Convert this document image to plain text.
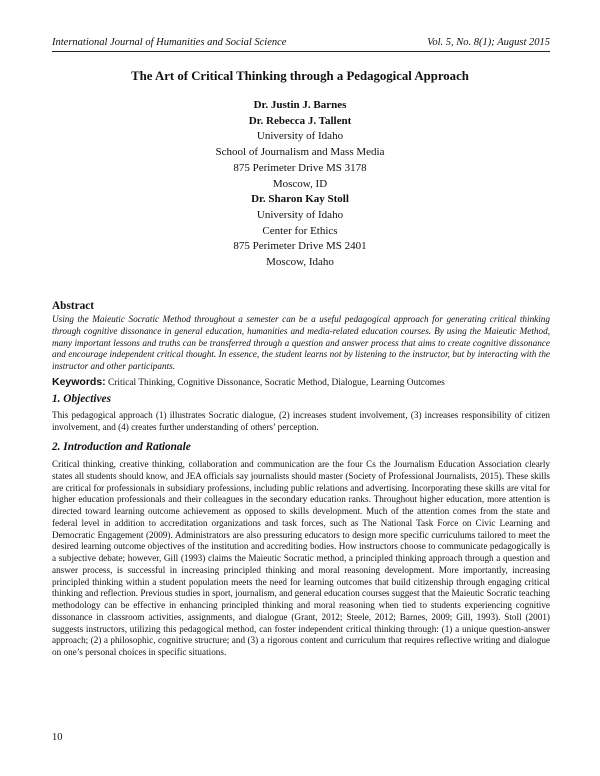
International Journal of Humanities and Social Science	Vol. 5, No. 8(1); August 2015
The Art of Critical Thinking through a Pedagogical Approach
Dr. Justin J. Barnes
Dr. Rebecca J. Tallent
University of Idaho
School of Journalism and Mass Media
875 Perimeter Drive MS 3178
Moscow, ID
Dr. Sharon Kay Stoll
University of Idaho
Center for Ethics
875 Perimeter Drive MS 2401
Moscow, Idaho
Abstract
Using the Maieutic Socratic Method throughout a semester can be a useful pedagogical approach for generating critical thinking through cognitive dissonance in general education, humanities and media-related education courses. By using the Maieutic Method, many important lessons and truths can be transferred through a question and answer process that aims to create cognitive dissonance and encourage independent critical thought. In essence, the student learns not by listening to the instructor, but by interacting with the instructor and other participants.
Keywords: Critical Thinking, Cognitive Dissonance, Socratic Method, Dialogue, Learning Outcomes
1. Objectives
This pedagogical approach (1) illustrates Socratic dialogue, (2) increases student involvement, (3) increases responsibility of citizen involvement, and (4) creates further understanding of others’ perception.
2. Introduction and Rationale
Critical thinking, creative thinking, collaboration and communication are the four Cs the Journalism Education Association clearly states all students should know, and JEA officials say journalists should master (Society of Professional Journalists, 2015). These skills are critical for professionals in subsidiary professions, including public relations and advertising. Incorporating these skills are vital for higher education professionals and their colleagues in the secondary education ranks. Throughout higher education, more attention is directed toward learning outcome achievement as opposed to skills development. Much of the attention comes from the state and federal level in addition to accreditation organizations and task forces, such as The National Task Force on Civic Learning and Democratic Engagement (2009). Administrators are also pressuring educators to design more specific curriculums tailored to meet the desired learning outcome objectives of the institution and accrediting bodies. How instructors choose to communicate pedagogically is a subjective debate; however, Gill (1993) claims the Maieutic Socratic method, a principled thinking approach through a question and answer process, is successful in increasing principled thinking and moral reasoning development. More importantly, increasing principled thinking within a student population meets the need for learning outcomes that build citizenship through engaging critical thinking and reflection. Previous studies in sport, journalism, and general education courses suggest that the Maieutic Socratic teaching methodology can be effective in enhancing principled thinking and moral reasoning when tied to students experiencing cognitive dissonance in classroom activities, assignments, and dialogue (Grant, 2012; Steele, 2012; Barnes, 2009; Gill, 1993). Stoll (2001) suggests instructors, utilizing this pedagogical method, can foster independent critical thinking through: (1) a unique question-answer approach; (2) a philosophic, cognitive structure; and (3) a rigorous content and curriculum that requires reflective writing and dialogue on one’s personal choices in specific situations.
10
